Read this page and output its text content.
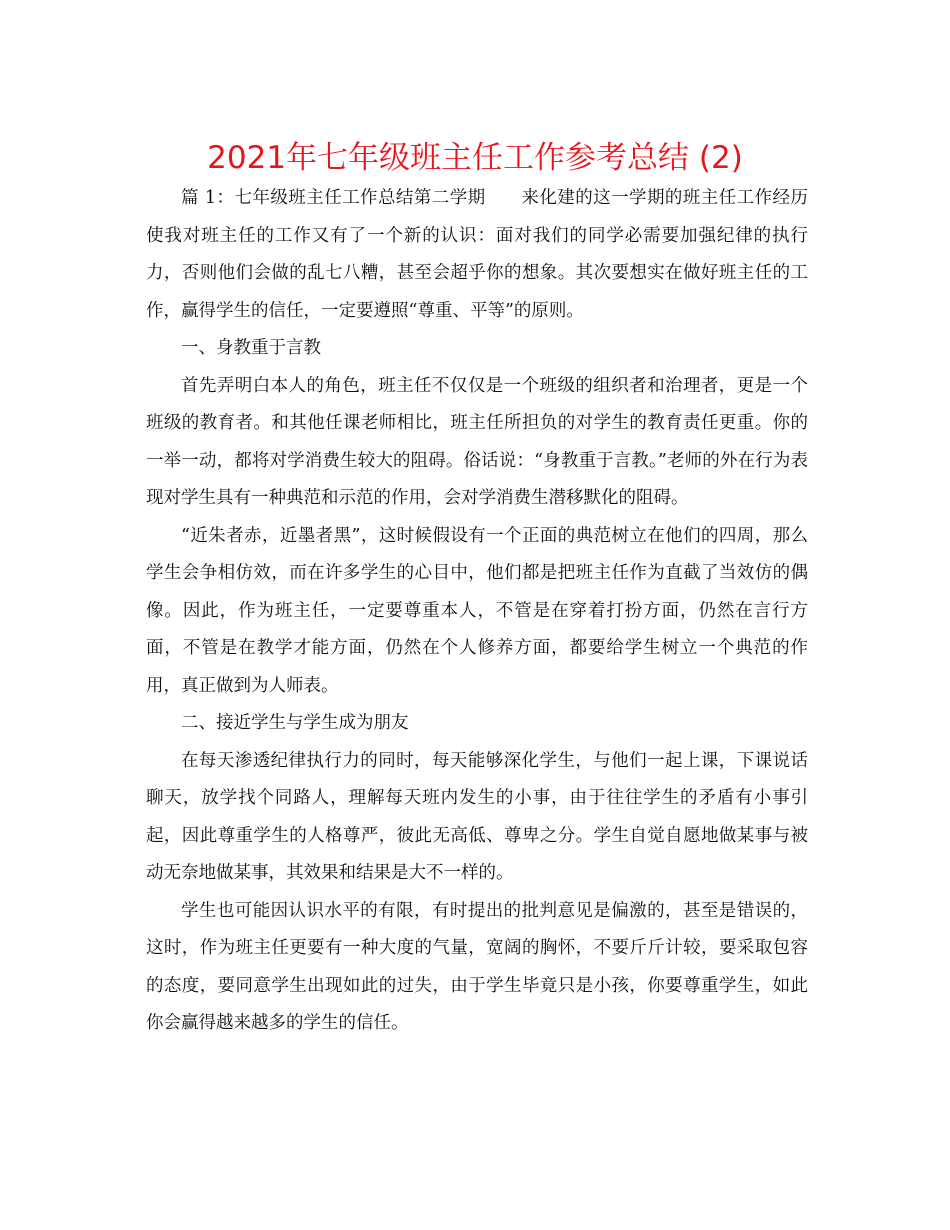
2021年七年级班主任工作参考总结 (2)

篇 1：七年级班主任工作总结第二学期　　来化建的这一学期的班主任工作经历使我对班主任的工作又有了一个新的认识：面对我们的同学必需要加强纪律的执行力，否则他们会做的乱七八糟，甚至会超乎你的想象。其次要想实在做好班主任的工作，赢得学生的信任，一定要遵照“尊重、平等”的原则。

一、身教重于言教

首先弄明白本人的角色，班主任不仅仅是一个班级的组织者和治理者，更是一个班级的教育者。和其他任课老师相比，班主任所担负的对学生的教育责任更重。你的一举一动，都将对学消费生较大的阻碍。俗话说：“身教重于言教。”老师的外在行为表现对学生具有一种典范和示范的作用，会对学消费生潜移默化的阻碍。

“近朱者赤，近墨者黑”，这时候假设有一个正面的典范树立在他们的四周，那么学生会争相仿效，而在许多学生的心目中，他们都是把班主任作为直截了当效仿的偶像。因此，作为班主任，一定要尊重本人，不管是在穿着打扮方面，仍然在言行方面，不管是在教学才能方面，仍然在个人修养方面，都要给学生树立一个典范的作用，真正做到为人师表。

二、接近学生与学生成为朋友

在每天渗透纪律执行力的同时，每天能够深化学生，与他们一起上课，下课说话聊天，放学找个同路人，理解每天班内发生的小事，由于往往学生的矛盾有小事引起，因此尊重学生的人格尊严，彼此无高低、尊卑之分。学生自觉自愿地做某事与被动无奈地做某事，其效果和结果是大不一样的。

学生也可能因认识水平的有限，有时提出的批判意见是偏激的，甚至是错误的，这时，作为班主任更要有一种大度的气量，宽阔的胸怀，不要斤斤计较，要采取包容的态度，要同意学生出现如此的过失，由于学生毕竟只是小孩，你要尊重学生，如此你会赢得越来越多的学生的信任。
